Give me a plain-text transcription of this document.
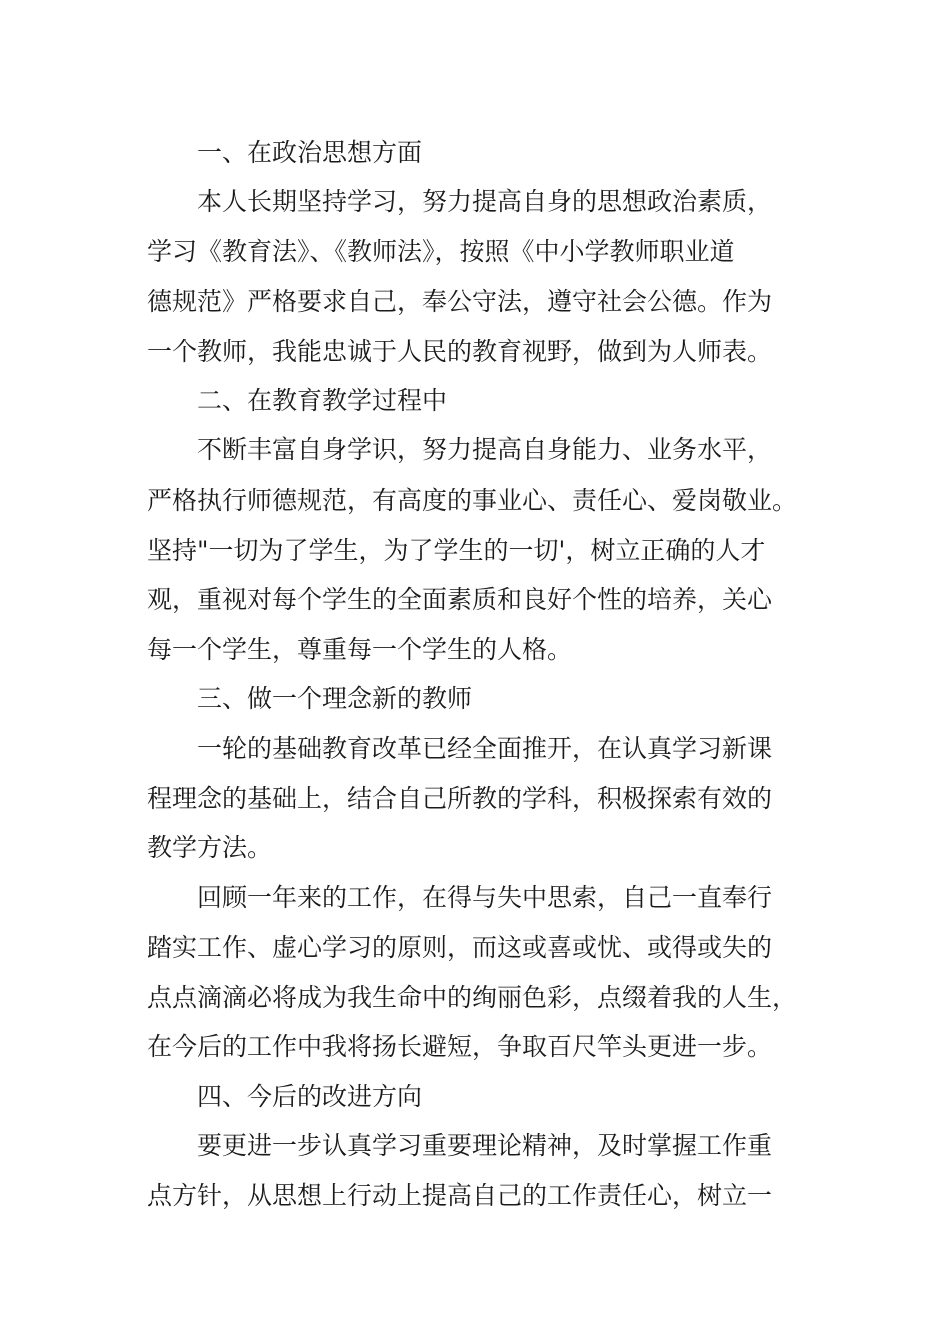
一、在政治思想方面
本人长期坚持学习，努力提高自身的思想政治素质，
学习《教育法》、《教师法》，按照《中小学教师职业道
德规范》严格要求自己，奉公守法，遵守社会公德。作为
一个教师，我能忠诚于人民的教育视野，做到为人师表。
二、在教育教学过程中
不断丰富自身学识，努力提高自身能力、业务水平，
严格执行师德规范，有高度的事业心、责任心、爱岗敬业。
坚持"一切为了学生，为了学生的一切'，树立正确的人才
观，重视对每个学生的全面素质和良好个性的培养，关心
每一个学生，尊重每一个学生的人格。
三、做一个理念新的教师
一轮的基础教育改革已经全面推开，在认真学习新课
程理念的基础上，结合自己所教的学科，积极探索有效的
教学方法。
回顾一年来的工作，在得与失中思索，自己一直奉行
踏实工作、虚心学习的原则，而这或喜或忧、或得或失的
点点滴滴必将成为我生命中的绚丽色彩，点缀着我的人生，
在今后的工作中我将扬长避短，争取百尺竿头更进一步。
四、今后的改进方向
要更进一步认真学习重要理论精神，及时掌握工作重
点方针，从思想上行动上提高自己的工作责任心，树立一
